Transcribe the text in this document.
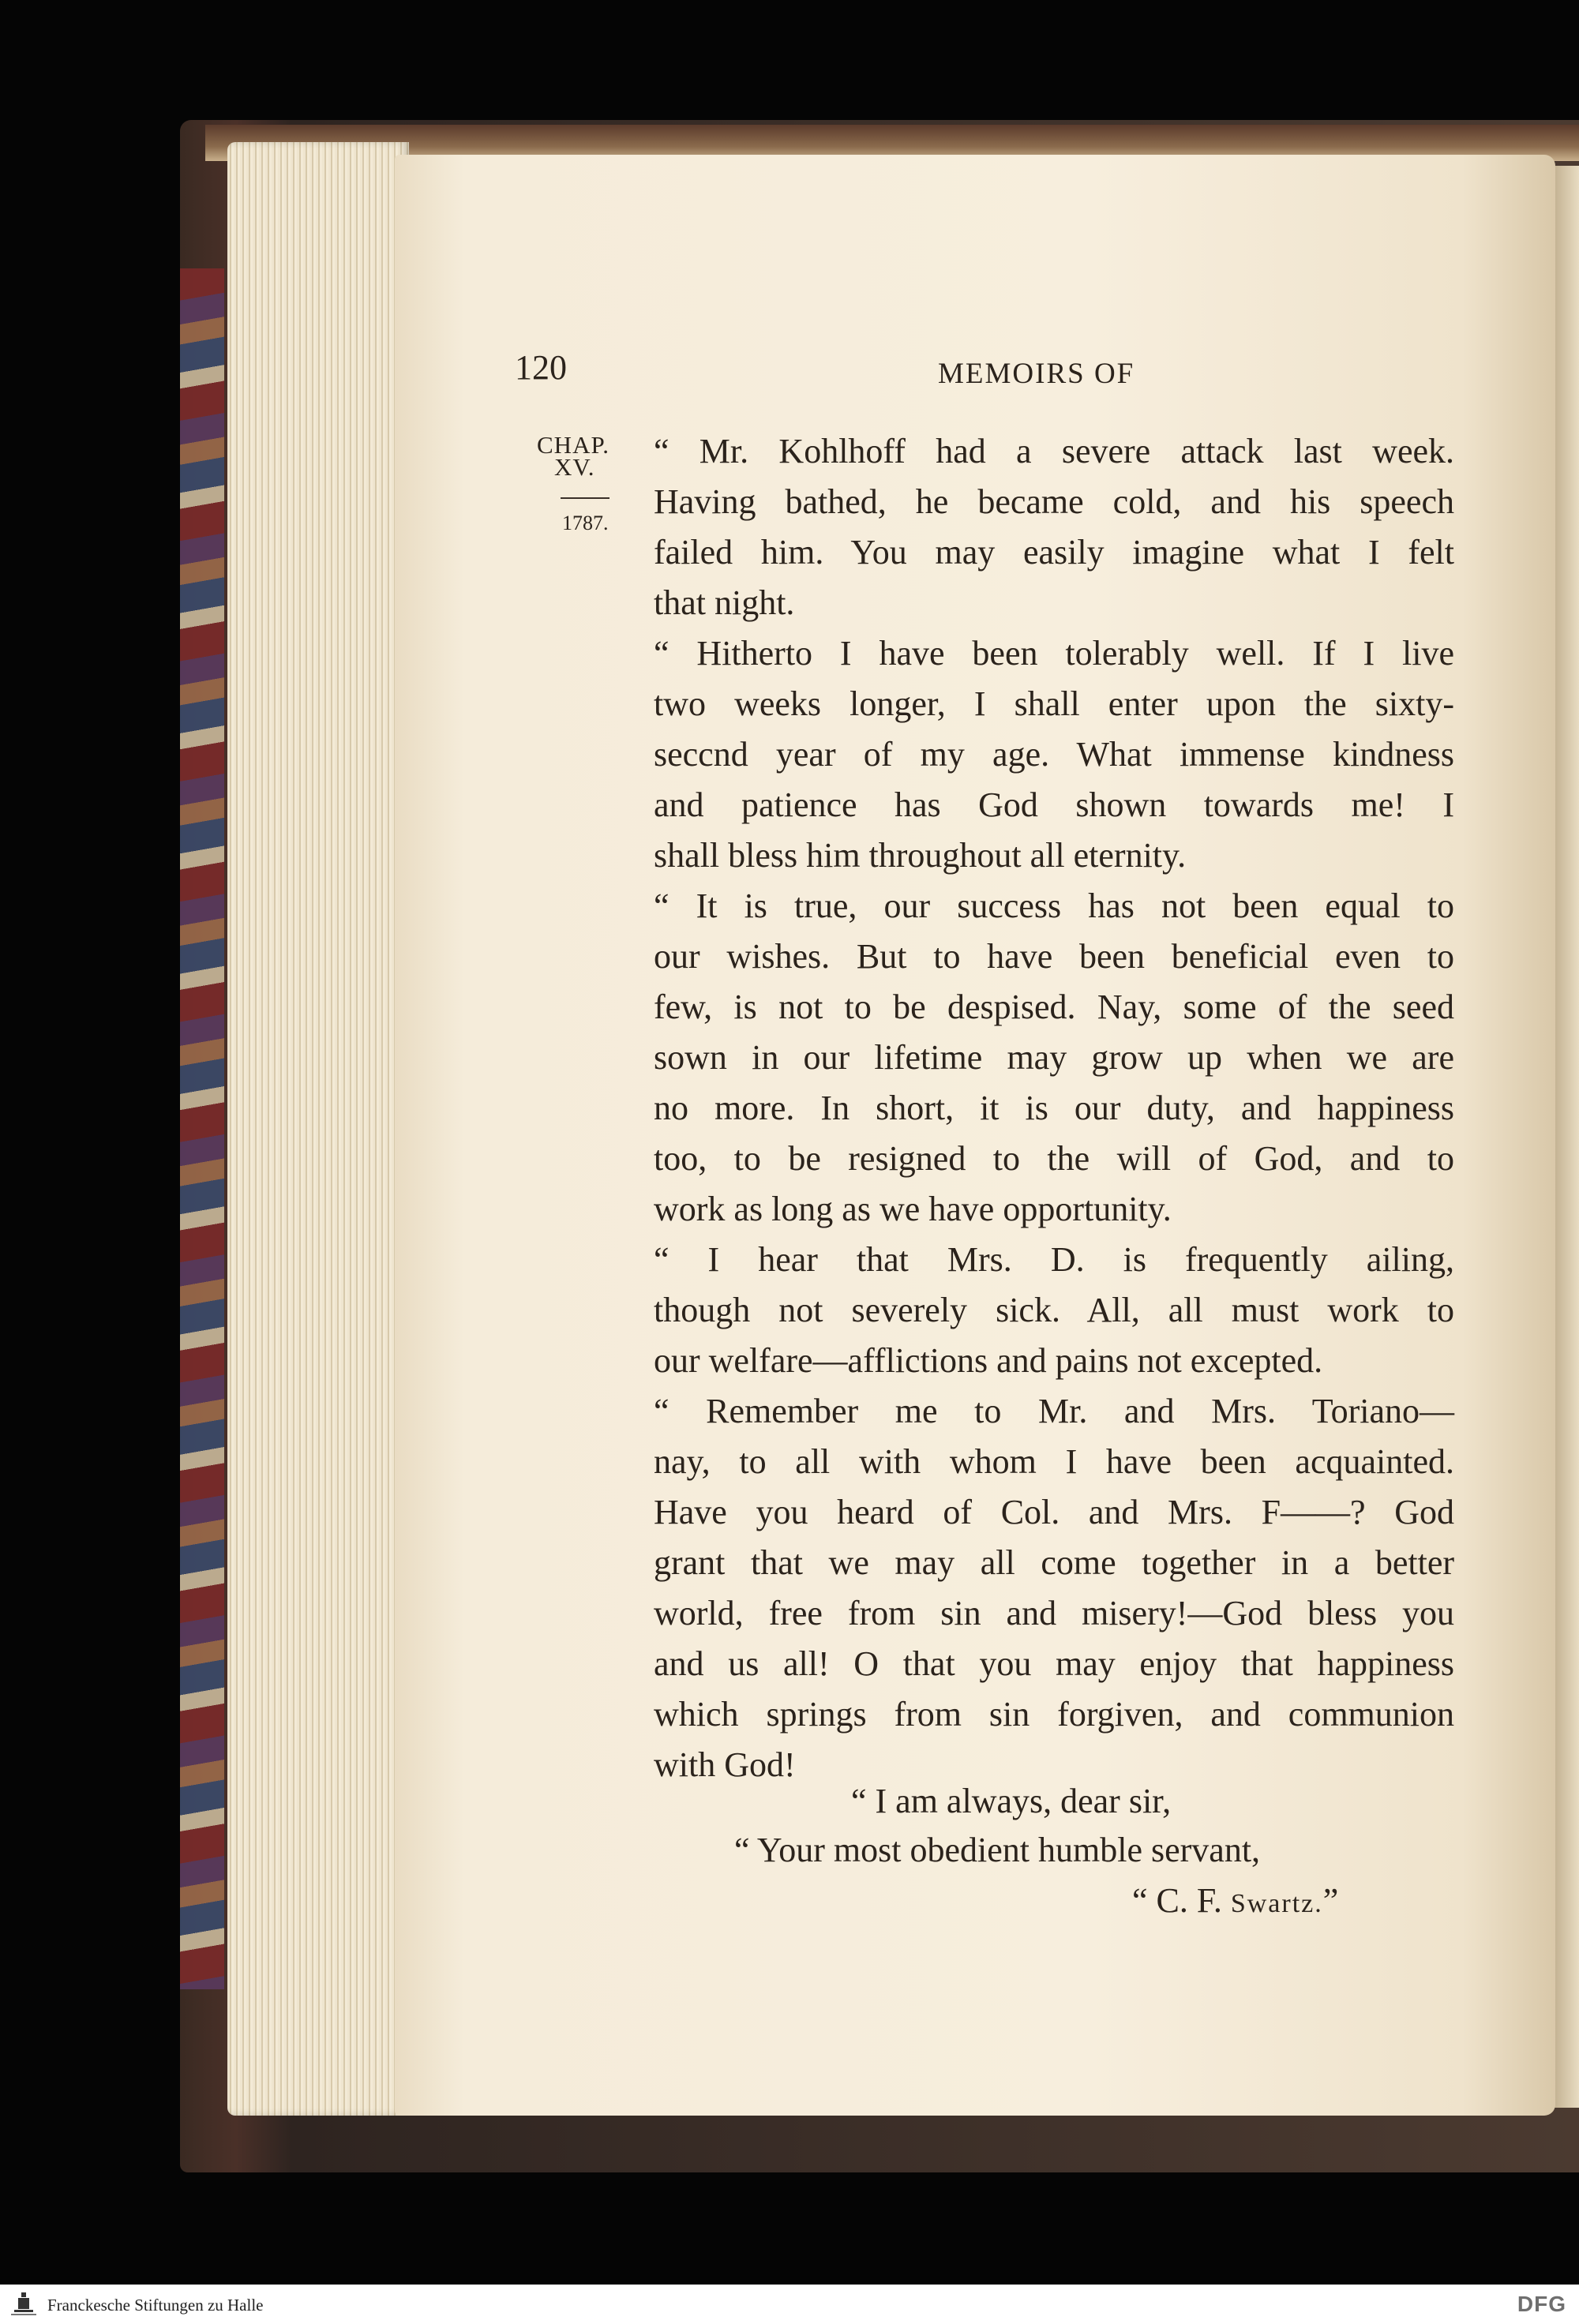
120	MEMOIRS OF
CHAP.
XV.
1787.
“ Mr. Kohlhoff had a severe attack last week.
Having bathed, he became cold, and his speech
failed him. You may easily imagine what I felt
that night.
“ Hitherto I have been tolerably well. If I live
two weeks longer, I shall enter upon the sixty-
seccnd year of my age. What immense kindness
and patience has God shown towards me! I
shall bless him throughout all eternity.
“ It is true, our success has not been equal to
our wishes. But to have been beneficial even to
few, is not to be despised. Nay, some of the seed
sown in our lifetime may grow up when we are
no more. In short, it is our duty, and happiness
too, to be resigned to the will of God, and to
work as long as we have opportunity.
“ I hear that Mrs. D. is frequently ailing,
though not severely sick. All, all must work to
our welfare—afflictions and pains not excepted.
“ Remember me to Mr. and Mrs. Toriano—
nay, to all with whom I have been acquainted.
Have you heard of Col. and Mrs. F——? God
grant that we may all come together in a better
world, free from sin and misery!—God bless you
and us all! O that you may enjoy that happiness
which springs from sin forgiven, and communion
with God!
“ I am always, dear sir,
“ Your most obedient humble servant,
“ C. F. Swartz.”
Franckesche Stiftungen zu Halle	DFG
